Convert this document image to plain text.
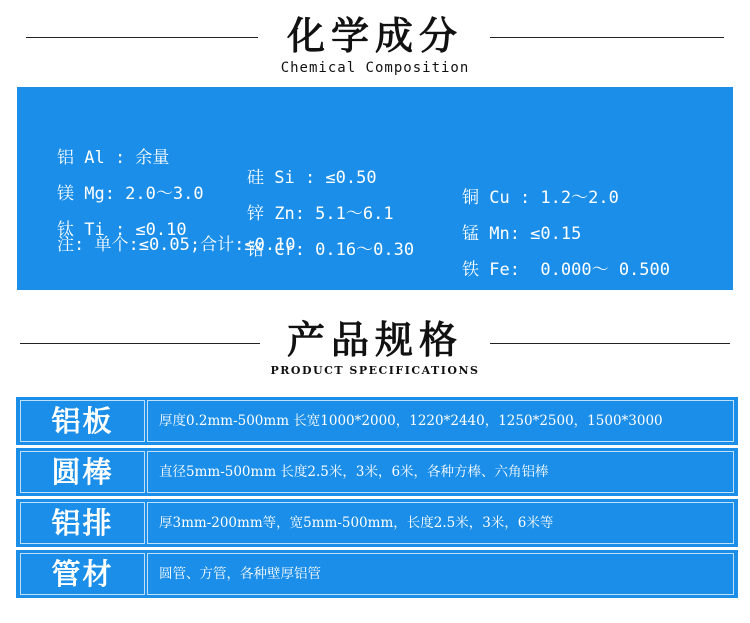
化学成分
Chemical Composition

铝 Al : 余量

硅 Si : ≤0.50

铜 Cu : 1.2～2.0

镁 Mg: 2.0～3.0

锌 Zn: 5.1～6.1

锰 Mn: ≤0.15

钛 Ti : ≤0.10

铬 Cr: 0.16～0.30

铁 Fe:  0.000～ 0.500

注: 单个:≤0.05;合计:≤0.10
产品规格
PRODUCT SPECIFICATIONS
铝板	厚度0.2mm-500mm 长宽1000*2000，1220*2440，1250*2500，1500*3000
圆棒	直径5mm-500mm 长度2.5米，3米，6米，各种方棒、六角铝棒
铝排	厚3mm-200mm等，宽5mm-500mm，长度2.5米，3米，6米等
管材	圆管、方管，各种壁厚铝管
